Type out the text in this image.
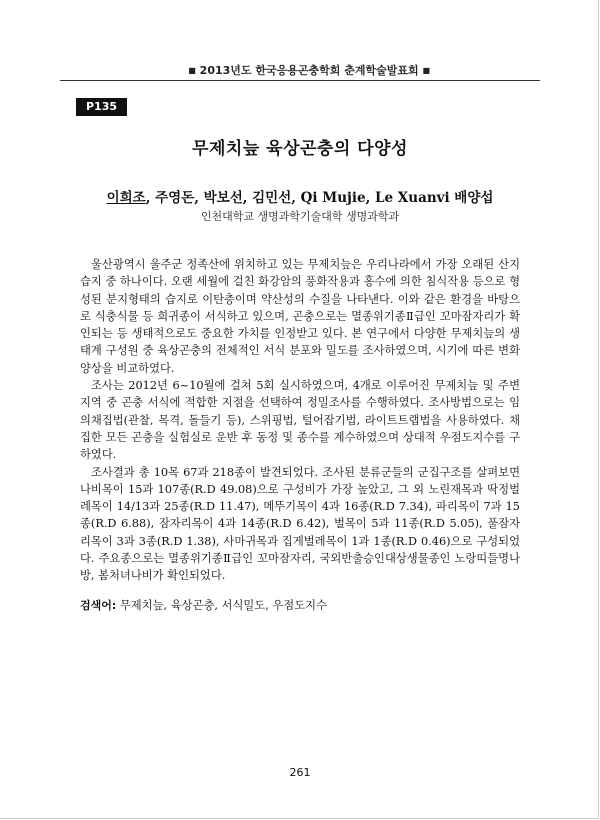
■ 2013년도 한국응용곤충학회 춘계학술발표회 ■
P135
무제치늪 육상곤충의 다양성
이희조, 주영돈, 박보선, 김민선, Qi Mujie, Le Xuanvi 배양섭
인천대학교 생명과학기술대학 생명과학과

울산광역시 울주군 정족산에 위치하고 있는 무제치늪은 우리나라에서 가장 오래된 산지습지 중 하나이다. 오랜 세월에 걸친 화강암의 풍화작용과 홍수에 의한 침식작용 등으로 형성된 분지형태의 습지로 이탄층이며 약산성의 수질을 나타낸다. 이와 같은 환경을 바탕으로 식충식물 등 희귀종이 서식하고 있으며, 곤충으로는 멸종위기종Ⅱ급인 꼬마잠자리가 확인되는 등 생태적으로도 중요한 가치를 인정받고 있다. 본 연구에서 다양한 무제치늪의 생태계 구성원 중 육상곤충의 전체적인 서식 분포와 밀도를 조사하였으며, 시기에 따른 변화양상을 비교하였다.

조사는 2012년 6~10월에 걸쳐 5회 실시하였으며, 4개로 이루어진 무제치늪 및 주변지역 중 곤충 서식에 적합한 지점을 선택하여 정밀조사를 수행하였다. 조사방법으로는 임의채집법(관찰, 목격, 돌들기 등), 스위핑법, 털어잡기법, 라이트트랩법을 사용하였다. 채집한 모든 곤충을 실험실로 운반 후 동정 및 종수를 계수하였으며 상대적 우점도지수를 구하였다.

조사결과 총 10목 67과 218종이 발견되었다. 조사된 분류군들의 군집구조를 살펴보면 나비목이 15과 107종(R.D 49.08)으로 구성비가 가장 높았고, 그 외 노린재목과 딱정벌레목이 14/13과 25종(R.D 11.47), 메뚜기목이 4과 16종(R.D 7.34), 파리목이 7과 15종(R.D 6.88), 잠자리목이 4과 14종(R.D 6.42), 벌목이 5과 11종(R.D 5.05), 풀잠자리목이 3과 3종(R.D 1.38), 사마귀목과 집게벌레목이 1과 1종(R.D 0.46)으로 구성되었다. 주요종으로는 멸종위기종Ⅱ급인 꼬마잠자리, 국외반출승인대상생물종인 노랑띠들명나방, 봄처녀나비가 확인되었다.

검색어: 무제치늪, 육상곤충, 서식밀도, 우점도지수
261
